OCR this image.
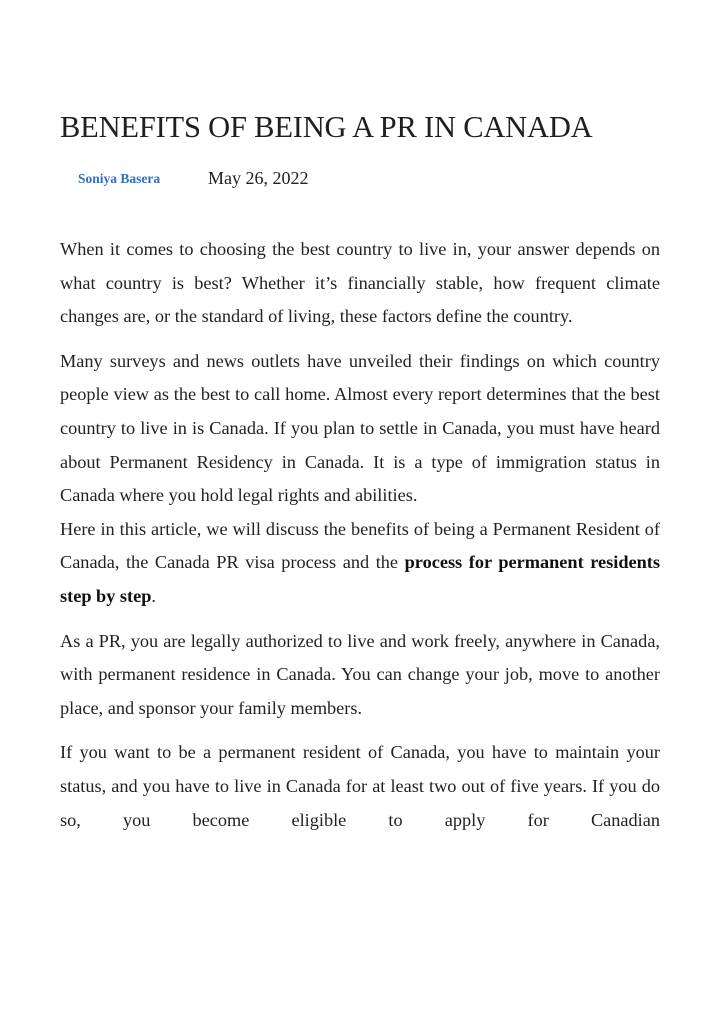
BENEFITS OF BEING A PR IN CANADA
Soniya Basera	May 26, 2022

When it comes to choosing the best country to live in, your answer depends on what country is best? Whether it’s financially stable, how frequent climate changes are, or the standard of living, these factors define the country.

Many surveys and news outlets have unveiled their findings on which country people view as the best to call home. Almost every report determines that the best country to live in is Canada. If you plan to settle in Canada, you must have heard about Permanent Residency in Canada. It is a type of immigration status in Canada where you hold legal rights and abilities.

Here in this article, we will discuss the benefits of being a Permanent Resident of Canada, the Canada PR visa process and the process for permanent residents step by step.

As a PR, you are legally authorized to live and work freely, anywhere in Canada, with permanent residence in Canada. You can change your job, move to another place, and sponsor your family members.

If you want to be a permanent resident of Canada, you have to maintain your status, and you have to live in Canada for at least two out of five years. If you do so, you become eligible to apply for Canadian
